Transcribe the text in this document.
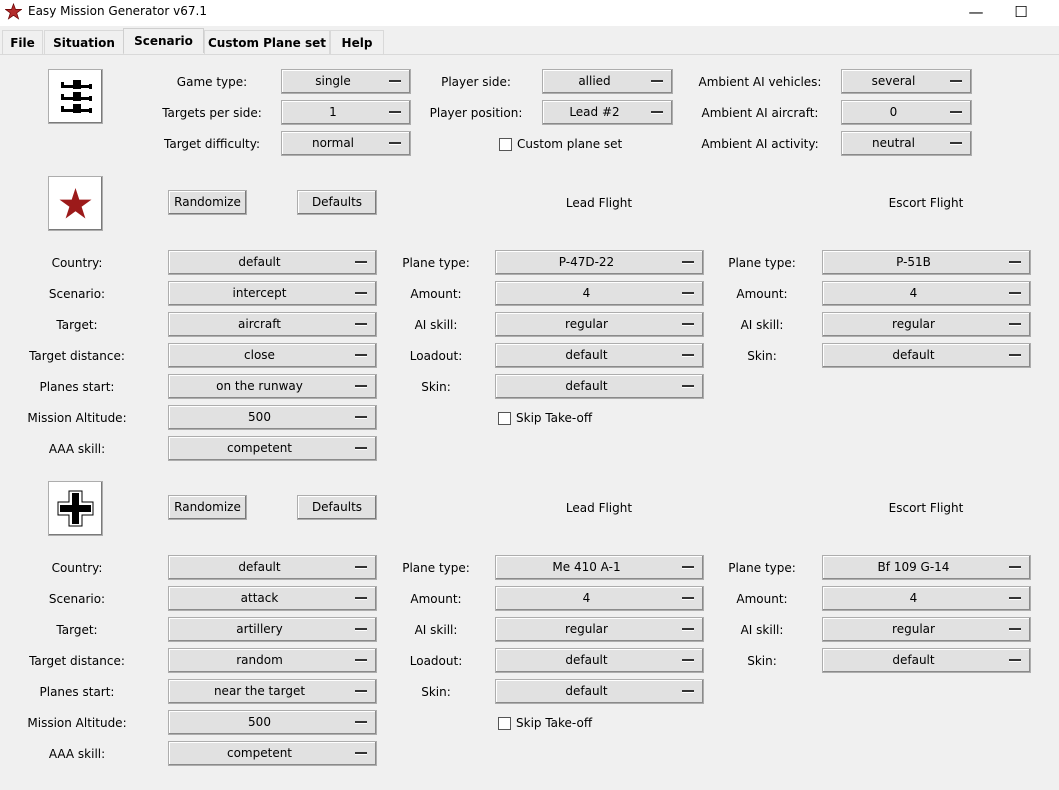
Easy Mission Generator v67.1	—	☐
File	Situation	Scenario	Custom Plane set	Help
Game type:	single
Targets per side:	1
Target difficulty:	normal
Player side:	allied
Player position:	Lead #2
Custom plane set
Ambient AI vehicles:	several
Ambient AI aircraft:	0
Ambient AI activity:	neutral
Randomize	Defaults	Lead Flight	Escort Flight
Country:	default
Scenario:	intercept
Target:	aircraft
Target distance:	close
Planes start:	on the runway
Mission Altitude:	500
AAA skill:	competent
Plane type:	P-47D-22
Amount:	4
AI skill:	regular
Loadout:	default
Skin:	default
Skip Take-off
Plane type:	P-51B
Amount:	4
AI skill:	regular
Skin:	default
Randomize	Defaults	Lead Flight	Escort Flight
Country:	default
Scenario:	attack
Target:	artillery
Target distance:	random
Planes start:	near the target
Mission Altitude:	500
AAA skill:	competent
Plane type:	Me 410 A-1
Amount:	4
AI skill:	regular
Loadout:	default
Skin:	default
Skip Take-off
Plane type:	Bf 109 G-14
Amount:	4
AI skill:	regular
Skin:	default
